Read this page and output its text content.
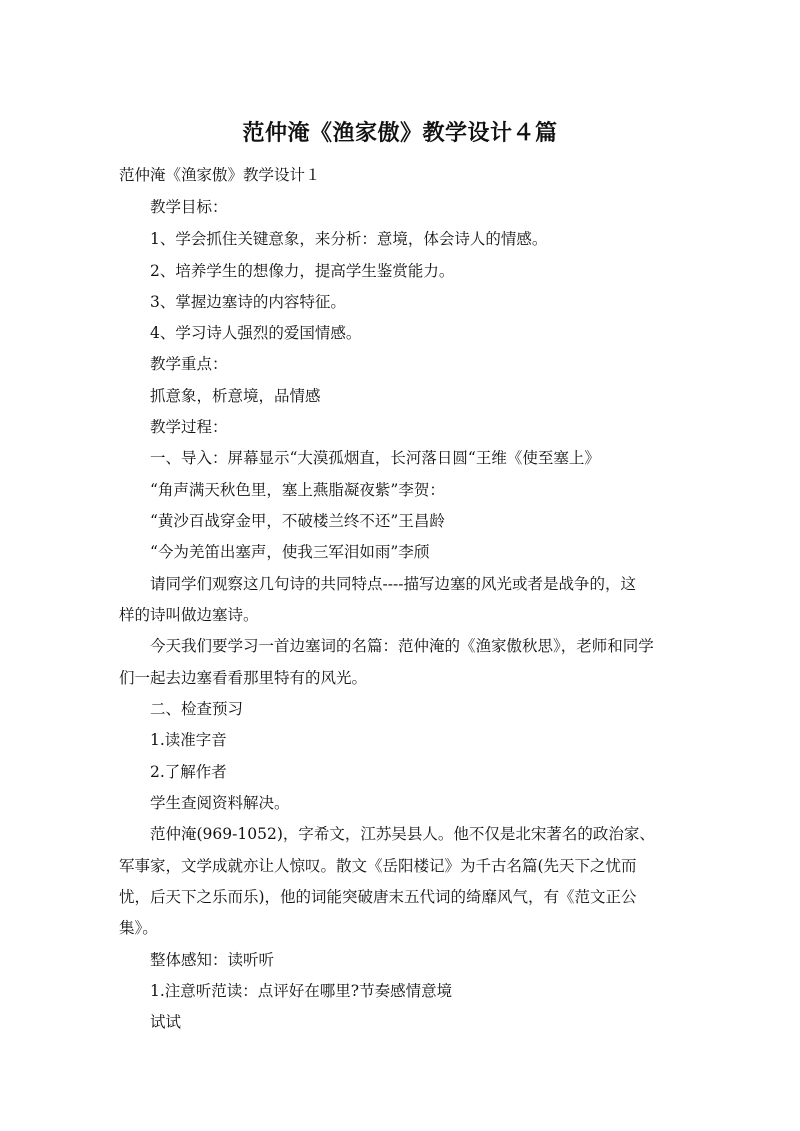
范仲淹《渔家傲》教学设计４篇
范仲淹《渔家傲》教学设计１
教学目标：
1、学会抓住关键意象，来分析：意境，体会诗人的情感。
2、培养学生的想像力，提高学生鉴赏能力。
3、掌握边塞诗的内容特征。
4、学习诗人强烈的爱国情感。
教学重点：
抓意象，析意境，品情感
教学过程：
一、导入：屏幕显示“大漠孤烟直，长河落日圆“王维《使至塞上》
“角声满天秋色里，塞上燕脂凝夜紫”李贺：
“黄沙百战穿金甲，不破楼兰终不还”王昌龄
“今为羌笛出塞声，使我三军泪如雨”李颀
请同学们观察这几句诗的共同特点----描写边塞的风光或者是战争的，这
样的诗叫做边塞诗。
今天我们要学习一首边塞词的名篇：范仲淹的《渔家傲秋思》，老师和同学
们一起去边塞看看那里特有的风光。
二、检查预习
1.读准字音
2.了解作者
学生查阅资料解决。
范仲淹(969-1052)，字希文，江苏吴县人。他不仅是北宋著名的政治家、
军事家，文学成就亦让人惊叹。散文《岳阳楼记》为千古名篇(先天下之忧而
忧，后天下之乐而乐)，他的词能突破唐末五代词的绮靡风气，有《范文正公
集》。
整体感知：读听听
1.注意听范读：点评好在哪里?节奏感情意境
试试
